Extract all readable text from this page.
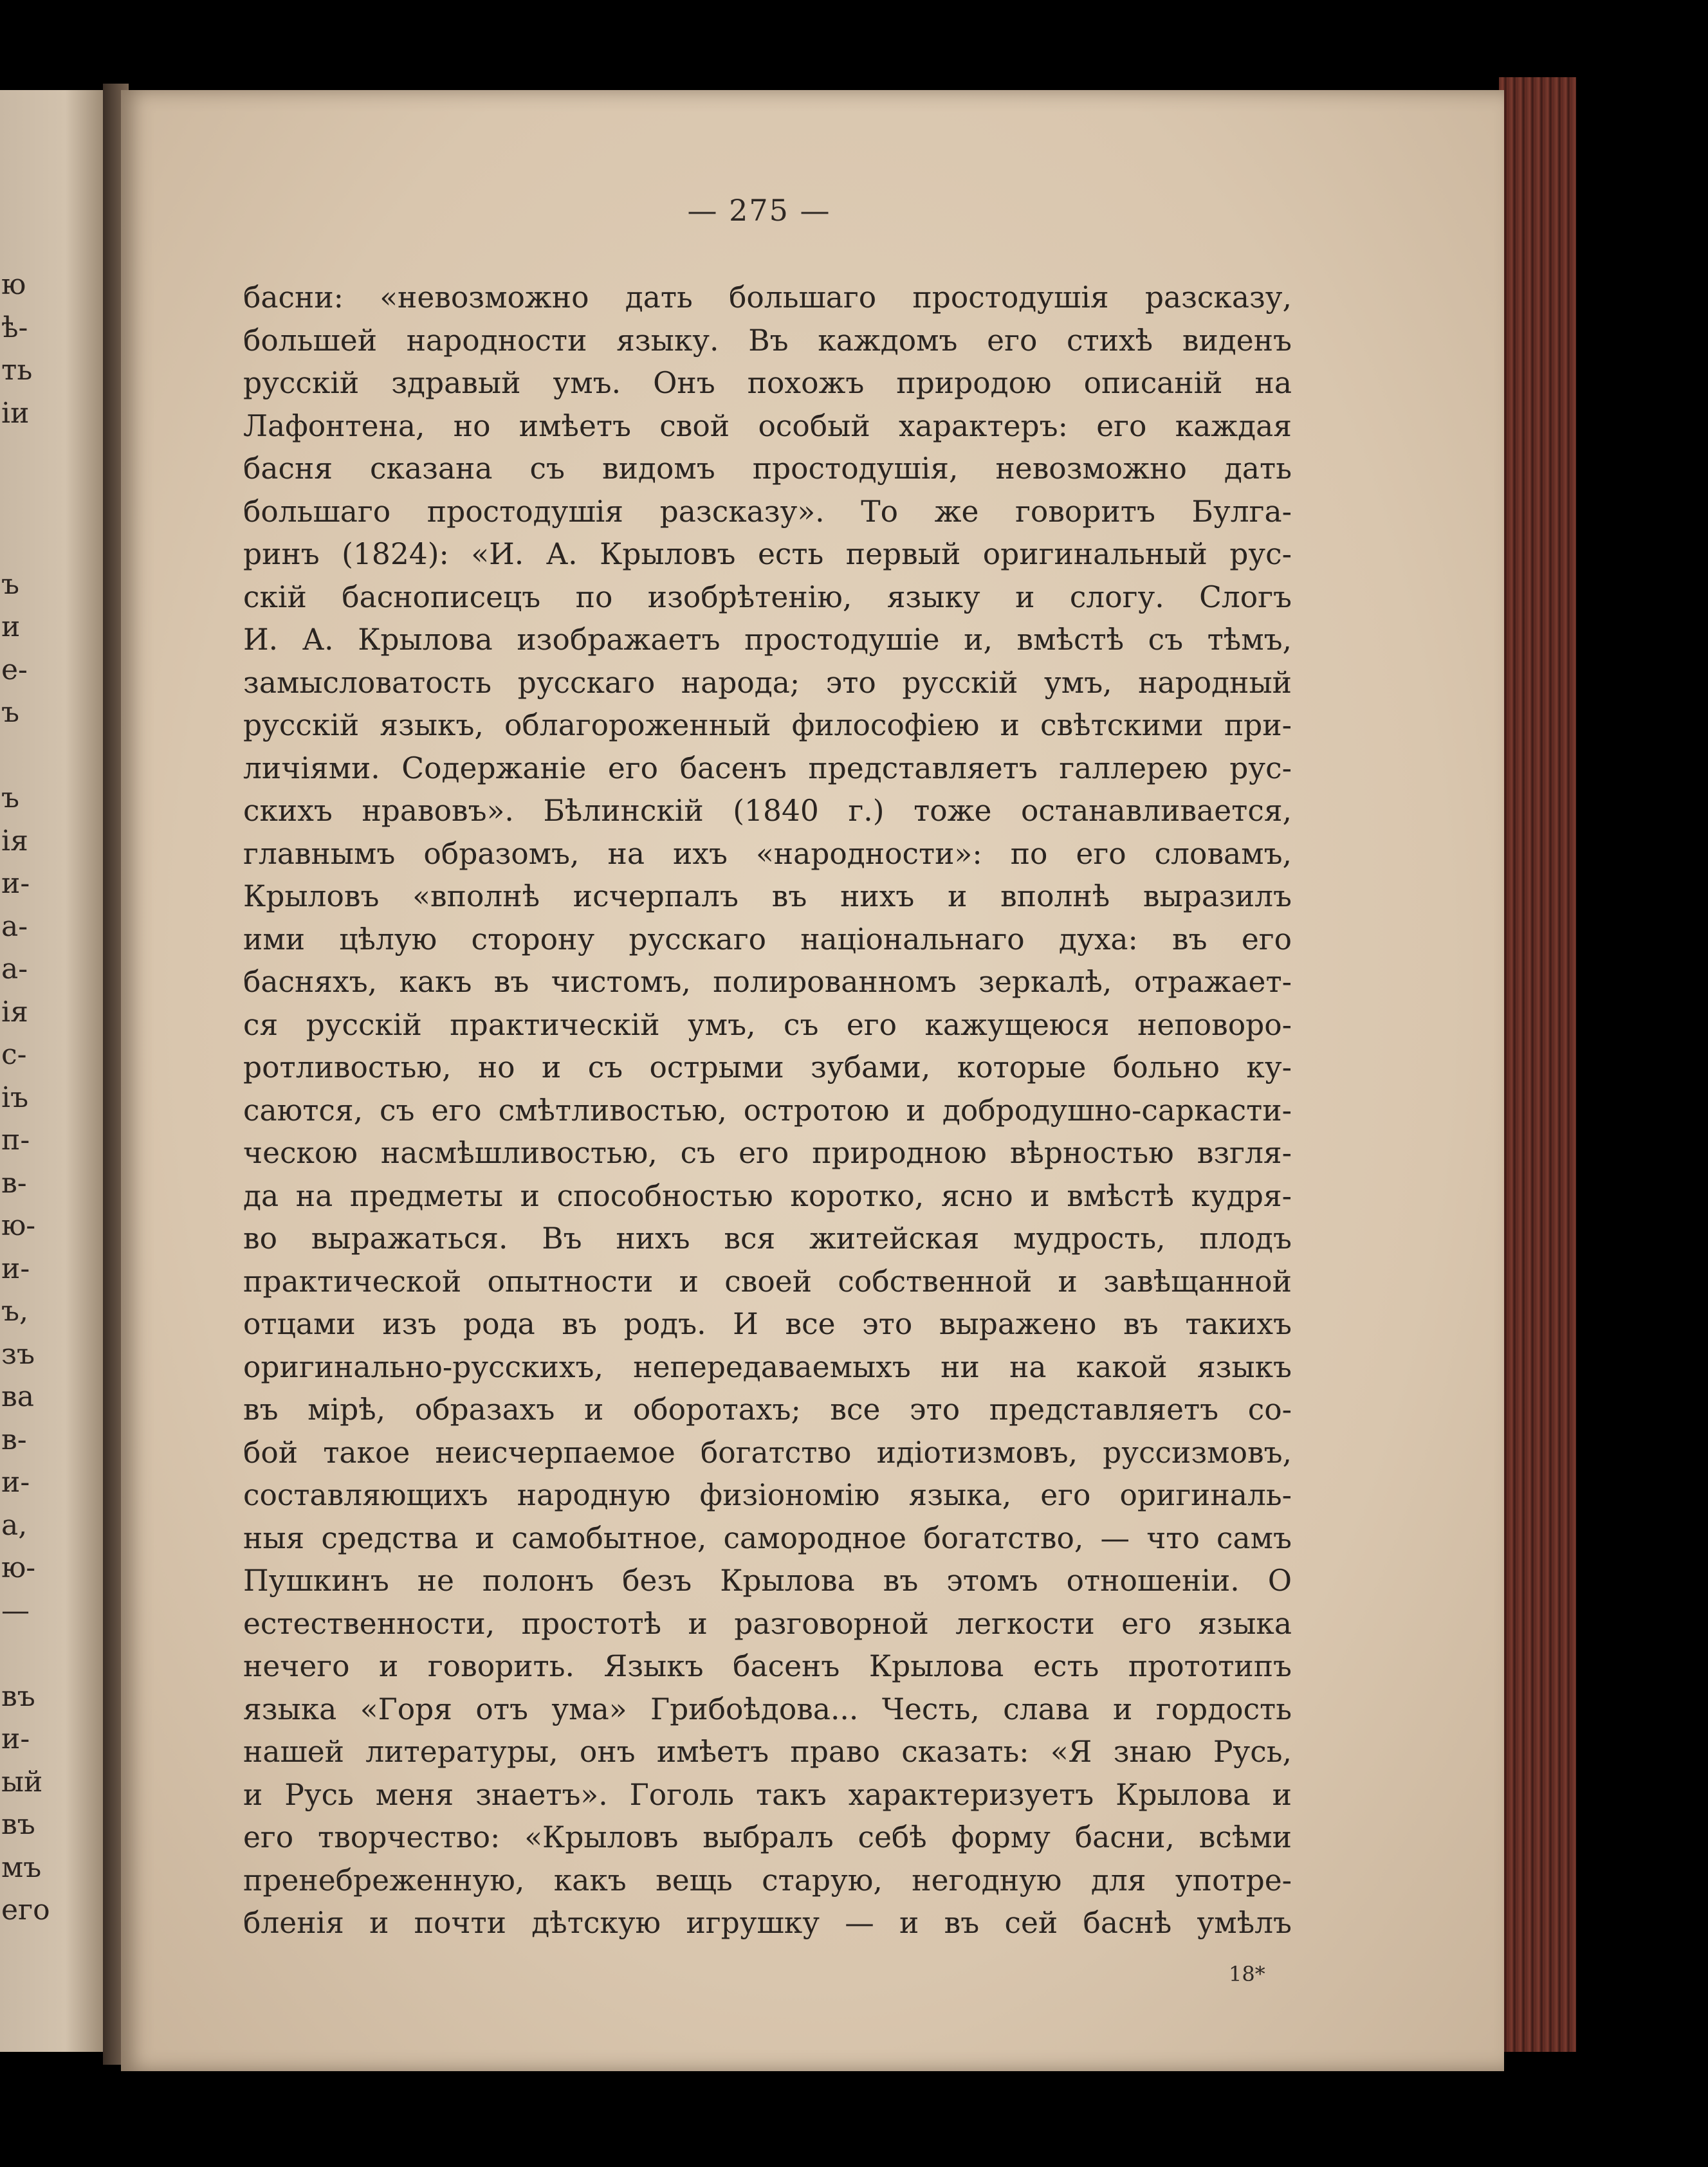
ю
ѣ-
ть
іи
ъ
и
е-
ъ
ъ
ія
и-
а-
а-
ія
с-
іъ
п-
в-
ю-
и-
ъ,
зъ
ва
в-
и-
а,
ю-
—
въ
и-
ый
въ
мъ
его
— 275 —
басни: «невозможно дать большаго простодушія разсказу,
большей народности языку. Въ каждомъ его стихѣ виденъ
русскій здравый умъ. Онъ похожъ природою описаній на
Лафонтена, но имѣетъ свой особый характеръ: его каждая
басня сказана съ видомъ простодушія, невозможно дать
большаго простодушія разсказу». То же говоритъ Булга-
ринъ (1824): «И. А. Крыловъ есть первый оригинальный рус-
скій баснописецъ по изобрѣтенію, языку и слогу. Слогъ
И. А. Крылова изображаетъ простодушіе и, вмѣстѣ съ тѣмъ,
замысловатость русскаго народа; это русскій умъ, народный
русскій языкъ, облагороженный философіею и свѣтскими при-
личіями. Содержаніе его басенъ представляетъ галлерею рус-
скихъ нравовъ». Бѣлинскій (1840 г.) тоже останавливается,
главнымъ образомъ, на ихъ «народности»: по его словамъ,
Крыловъ «вполнѣ исчерпалъ въ нихъ и вполнѣ выразилъ
ими цѣлую сторону русскаго національнаго духа: въ его
басняхъ, какъ въ чистомъ, полированномъ зеркалѣ, отражает-
ся русскій практическій умъ, съ его кажущеюся неповоро-
ротливостью, но и съ острыми зубами, которые больно ку-
саются, съ его смѣтливостью, остротою и добродушно-саркасти-
ческою насмѣшливостью, съ его природною вѣрностью взгля-
да на предметы и способностью коротко, ясно и вмѣстѣ кудря-
во выражаться. Въ нихъ вся житейская мудрость, плодъ
практической опытности и своей собственной и завѣщанной
отцами изъ рода въ родъ. И все это выражено въ такихъ
оригинально-русскихъ, непередаваемыхъ ни на какой языкъ
въ мірѣ, образахъ и оборотахъ; все это представляетъ со-
бой такое неисчерпаемое богатство идіотизмовъ, руссизмовъ,
составляющихъ народную физіономію языка, его оригиналь-
ныя средства и самобытное, самородное богатство, — что самъ
Пушкинъ не полонъ безъ Крылова въ этомъ отношеніи. О
естественности, простотѣ и разговорной легкости его языка
нечего и говорить. Языкъ басенъ Крылова есть прототипъ
языка «Горя отъ ума» Грибоѣдова... Честь, слава и гордость
нашей литературы, онъ имѣетъ право сказать: «Я знаю Русь,
и Русь меня знаетъ». Гоголь такъ характеризуетъ Крылова и
его творчество: «Крыловъ выбралъ себѣ форму басни, всѣми
пренебреженную, какъ вещь старую, негодную для употре-
бленія и почти дѣтскую игрушку — и въ сей баснѣ умѣлъ
18*
